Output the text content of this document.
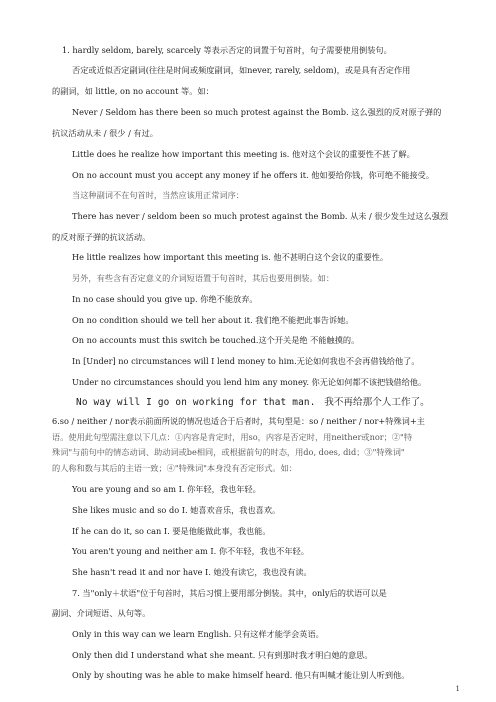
1. hardly seldom, barely, scarcely 等表示否定的词置于句首时，句子需要使用倒装句。
否定或近似否定副词(往往是时间或频度副词，如never, rarely, seldom)，或是具有否定作用
的副词，如 little, on no account 等。如：
Never / Seldom has there been so much protest against the Bomb. 这么强烈的反对原子弹的
抗议活动从未 / 很少 / 有过。
Little does he realize how important this meeting is. 他对这个会议的重要性不甚了解。
On no account must you accept any money if he offers it. 他如要给你钱，你可绝不能接受。
当这种副词不在句首时，当然应该用正常词序：
There has never / seldom been so much protest against the Bomb. 从未 / 很少发生过这么强烈
的反对原子弹的抗议活动。
He little realizes how important this meeting is. 他不甚明白这个会议的重要性。
另外，有些含有否定意义的介词短语置于句首时，其后也要用倒装。如：
In no case should you give up. 你绝不能放弃。
On no condition should we tell her about it. 我们绝不能把此事告诉她。
On no accounts must this switch be touched.这个开关是绝 不能触摸的。
In [Under] no circumstances will I lend money to him.无论如何我也不会再借钱给他了。
Under no circumstances should you lend him any money. 你无论如何都不该把钱借给他。
No way will I go on working for that man. 我不再给那个人工作了。
6.so / neither / nor表示前面所说的情况也适合于后者时，其句型是：so / neither / nor+特殊词+主
语。使用此句型需注意以下几点：①内容是肯定时，用so，内容是否定时，用neither或nor；②"特
殊词"与前句中的情态动词、助动词或be相同，或根据前句的时态，用do, does, did；③"特殊词"
的人称和数与其后的主语一致；④"特殊词"本身没有否定形式。如：
You are young and so am I. 你年轻，我也年轻。
She likes music and so do I. 她喜欢音乐，我也喜欢。
If he can do it, so can I. 要是他能做此事，我也能。
You aren't young and neither am I. 你不年轻，我也不年轻。
She hasn't read it and nor have I. 她没有读它，我也没有读。
7. 当"only＋状语"位于句首时，其后习惯上要用部分倒装。其中，only后的状语可以是
副词、介词短语、从句等。
Only in this way can we learn English. 只有这样才能学会英语。
Only then did I understand what she meant. 只有到那时我才明白她的意思。
Only by shouting was he able to make himself heard. 他只有叫喊才能让别人听到他。
1
